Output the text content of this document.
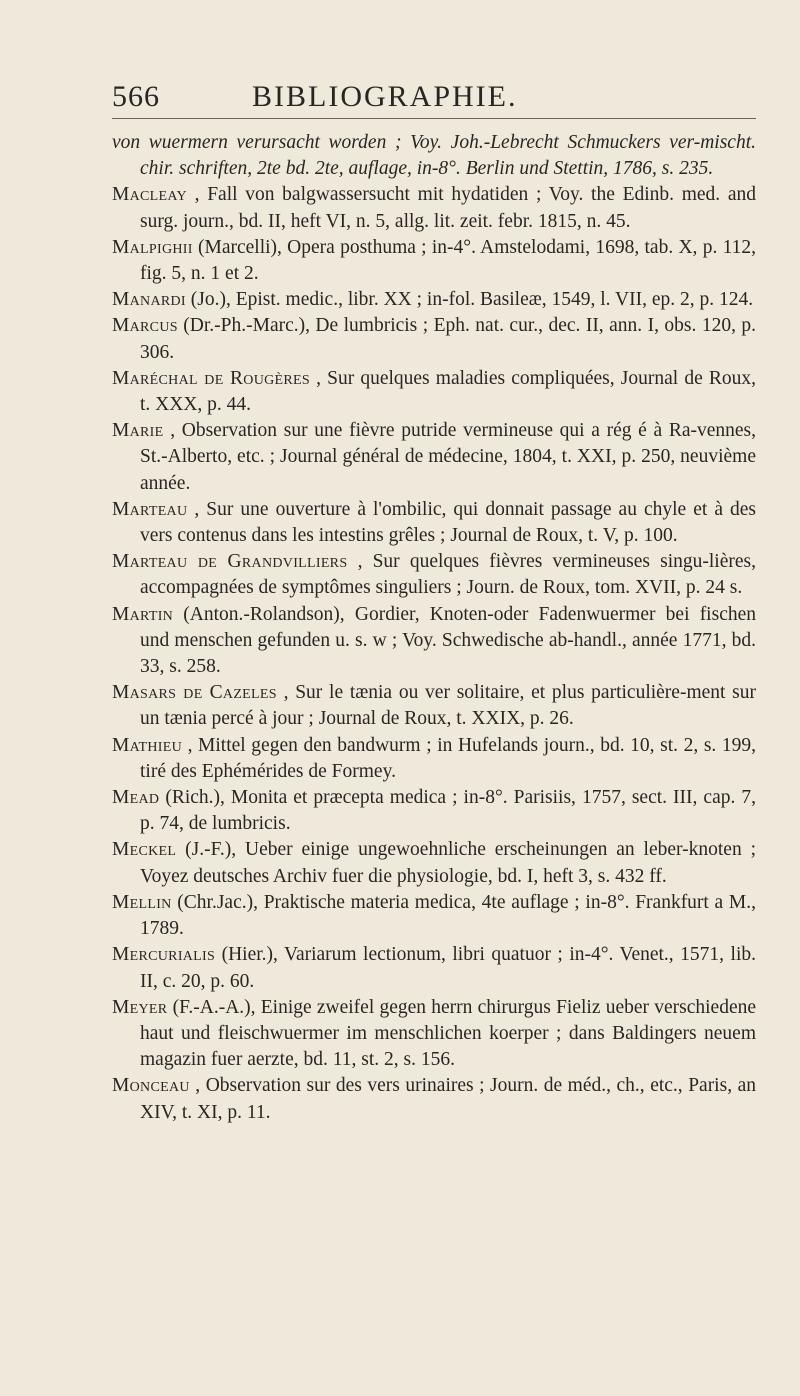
566	BIBLIOGRAPHIE.

von wuermern verursacht worden ; Voy. Joh.-Lebrecht Schmuckers ver-mischt. chir. schriften, 2te bd. 2te, auflage, in-8°. Berlin und Stettin, 1786, s. 235.

Macleay , Fall von balgwassersucht mit hydatiden ; Voy. the Edinb. med. and surg. journ., bd. II, heft VI, n. 5, allg. lit. zeit. febr. 1815, n. 45.

Malpighii (Marcelli), Opera posthuma ; in-4°. Amstelodami, 1698, tab. X, p. 112, fig. 5, n. 1 et 2.

Manardi (Jo.), Epist. medic., libr. XX ; in-fol. Basileæ, 1549, l. VII, ep. 2, p. 124.

Marcus (Dr.-Ph.-Marc.), De lumbricis ; Eph. nat. cur., dec. II, ann. I, obs. 120, p. 306.

Maréchal de Rougères , Sur quelques maladies compliquées, Journal de Roux, t. XXX, p. 44.

Marie , Observation sur une fièvre putride vermineuse qui a rég é à Ra-vennes, St.-Alberto, etc. ; Journal général de médecine, 1804, t. XXI, p. 250, neuvième année.

Marteau , Sur une ouverture à l'ombilic, qui donnait passage au chyle et à des vers contenus dans les intestins grêles ; Journal de Roux, t. V, p. 100.

Marteau de Grandvilliers , Sur quelques fièvres vermineuses singu-lières, accompagnées de symptômes singuliers ; Journ. de Roux, tom. XVII, p. 24 s.

Martin (Anton.-Rolandson), Gordier, Knoten-oder Fadenwuermer bei fischen und menschen gefunden u. s. w ; Voy. Schwedische ab-handl., année 1771, bd. 33, s. 258.

Masars de Cazeles , Sur le tænia ou ver solitaire, et plus particulière-ment sur un tænia percé à jour ; Journal de Roux, t. XXIX, p. 26.

Mathieu , Mittel gegen den bandwurm ; in Hufelands journ., bd. 10, st. 2, s. 199, tiré des Ephémérides de Formey.

Mead (Rich.), Monita et præcepta medica ; in-8°. Parisiis, 1757, sect. III, cap. 7, p. 74, de lumbricis.

Meckel (J.-F.), Ueber einige ungewoehnliche erscheinungen an leber-knoten ; Voyez deutsches Archiv fuer die physiologie, bd. I, heft 3, s. 432 ff.

Mellin (Chr.Jac.), Praktische materia medica, 4te auflage ; in-8°. Frankfurt a M., 1789.

Mercurialis (Hier.), Variarum lectionum, libri quatuor ; in-4°. Venet., 1571, lib. II, c. 20, p. 60.

Meyer (F.-A.-A.), Einige zweifel gegen herrn chirurgus Fieliz ueber verschiedene haut und fleischwuermer im menschlichen koerper ; dans Baldingers neuem magazin fuer aerzte, bd. 11, st. 2, s. 156.

Monceau , Observation sur des vers urinaires ; Journ. de méd., ch., etc., Paris, an XIV, t. XI, p. 11.
